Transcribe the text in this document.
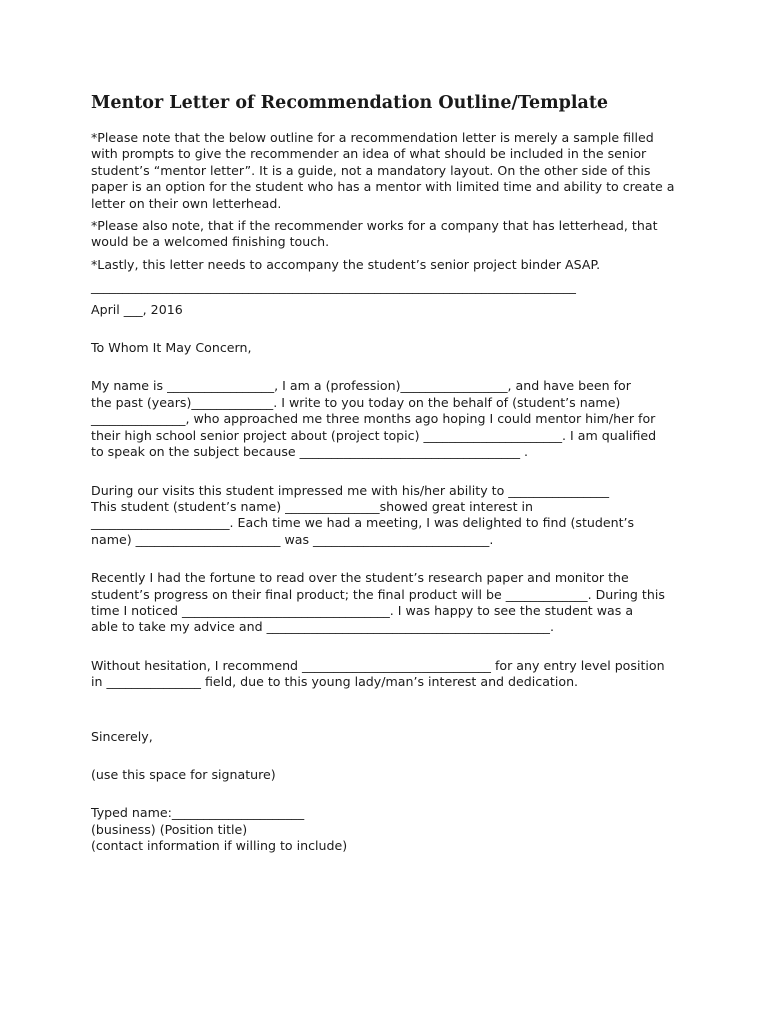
Mentor Letter of Recommendation Outline/Template
*Please note that the below outline for a recommendation letter is merely a sample filled
with prompts to give the recommender an idea of what should be included in the senior
student’s “mentor letter”. It is a guide, not a mandatory layout. On the other side of this
paper is an option for the student who has a mentor with limited time and ability to create a
letter on their own letterhead.
*Please also note, that if the recommender works for a company that has letterhead, that
would be a welcomed finishing touch.
*Lastly, this letter needs to accompany the student’s senior project binder ASAP.
_____________________________________________________________________________
April ___, 2016
To Whom It May Concern,
My name is _________________, I am a (profession)_________________, and have been for
the past (years)_____________. I write to you today on the behalf of (student’s name)
_______________, who approached me three months ago hoping I could mentor him/her for
their high school senior project about (project topic) ______________________. I am qualified
to speak on the subject because ___________________________________ .
During our visits this student impressed me with his/her ability to ________________
This student (student’s name) _______________showed great interest in
______________________. Each time we had a meeting, I was delighted to find (student’s
name) _______________________ was ____________________________.
Recently I had the fortune to read over the student’s research paper and monitor the
student’s progress on their final product; the final product will be _____________. During this
time I noticed _________________________________. I was happy to see the student was a
able to take my advice and _____________________________________________.
Without hesitation, I recommend ______________________________ for any entry level position
in _______________ field, due to this young lady/man’s interest and dedication.
Sincerely,
(use this space for signature)
Typed name:_____________________
(business) (Position title)
(contact information if willing to include)
